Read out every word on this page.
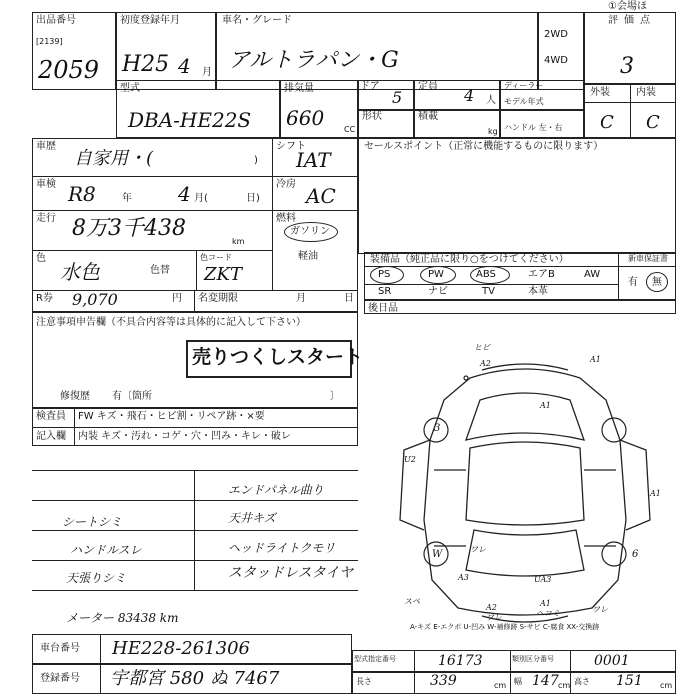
出品番号
[2139]
2059
初度登録年月
H25 4 月
車名・グレード
アルトラパン・G
2WD
4WD
①会場ほ
評価点
3
型式
DBA-HE22S
排気量
660 CC
ドア
5
定員 4 人
ディーラー
モデル年式
形状	積載
kg ハンドル 左・右
外装	内装
C C
車歴
自家用・(	)
シフト
IAT
車検 R8	年 4 月(	日)
冷房 AC
走行 8万3千438
km
燃料
ガソリン
軽油
色
水色	色替
色コード
ZKT
R券 9,070	円 名変期限	月	日
セールスポイント（正常に機能するものに限ります）
装備品（純正品に限り○をつけてください）	新車保証書
PS	PW	ABS	エアB	AW
SR	ナビ	TV	本革
有 無
後日品
注意事項申告欄（不具合内容等は具体的に記入して下さい）
売りつくしスタート
修復歴 有〔箇所	〕
検査員
記入欄
FW キズ・飛石・ヒビ割・リペア跡・×要
内装 キズ・汚れ・コゲ・穴・凹み・キレ・破レ
エンドパネル曲り
シートシミ	天井キズ
ハンドルスレ	ヘッドライトクモリ
天張りシミ	スタッドレスタイヤ
メーター 83438 km
ヒビ
A2	A1
A1
U2
A1
3
W	6
ワレ
A3	UA3
スペ
A2
ワレ
A1
ヘコミ	ワレ
A-キズ E-エクボ U-凹み W-補修跡 S-サビ C-腐食 XX-交換跡
車台番号 HE228-261306
登録番号 宇都宮 580 ぬ 7467
型式指定番号	16173	類別区分番号	0001
長さ	339	cm 幅 147 cm 高さ 151 cm
